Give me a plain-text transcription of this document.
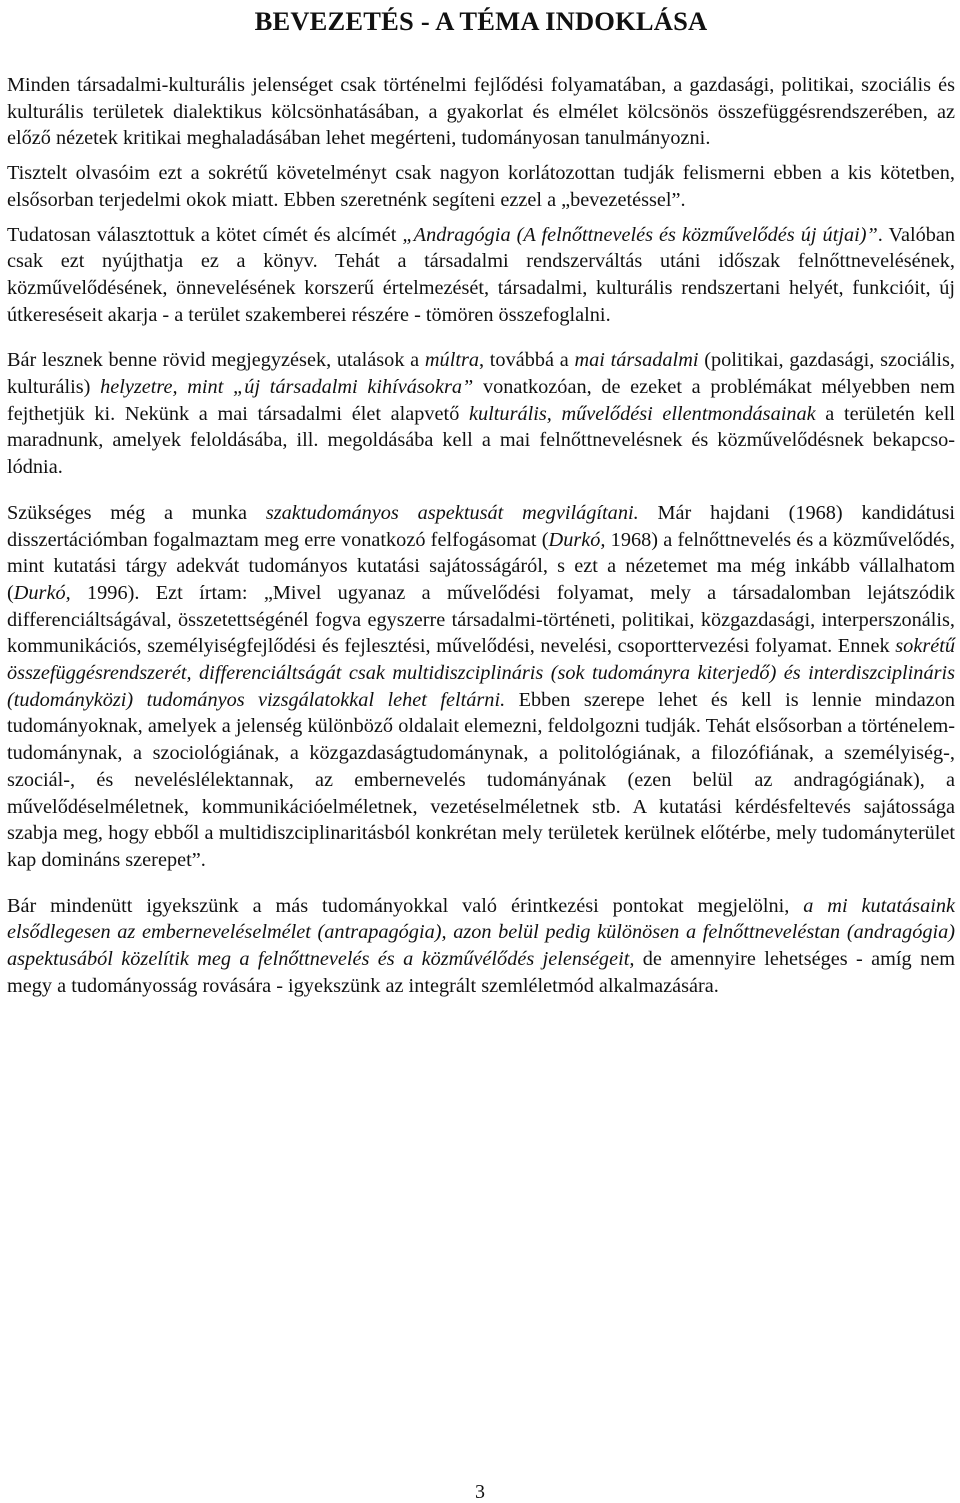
BEVEZETÉS - A TÉMA INDOKLÁSA

Minden társadalmi-kulturális jelenséget csak történelmi fejlődési folyamatában, a gazdasági, politikai, szociális és kulturális területek dialektikus kölcsönhatásában, a gyakorlat és elmélet kölcsönös összefüggésrendszerében, az előző nézetek kritikai meghaladásában lehet megérteni, tudományosan tanulmányozni.

Tisztelt olvasóim ezt a sokrétű követelményt csak nagyon korlátozottan tudják felismerni ebben a kis kötetben, elsősorban terjedelmi okok miatt. Ebben szeretnénk segíteni ezzel a „bevezetéssel”.

Tudatosan választottuk a kötet címét és alcímét „Andragógia (A felnőttnevelés és közművelődés új útjai)”. Valóban csak ezt nyújthatja ez a könyv. Tehát a társadalmi rendszerváltás utáni időszak felnőttnevelésének, közművelődésének, önnevelésének korszerű értelmezését, társadalmi, kulturális rendszertani helyét, funkcióit, új útkereséseit akarja - a terület szakemberei részére - tömören összefoglalni.

Bár lesznek benne rövid megjegyzések, utalások a múltra, továbbá a mai társadalmi (politikai, gazdasági, szociális, kulturális) helyzetre, mint „új társadalmi kihívásokra” vonatkozóan, de ezeket a problémákat mélyebben nem fejthetjük ki. Nekünk a mai társadalmi élet alapvető kulturális, művelődési ellentmondásainak a területén kell maradnunk, amelyek feloldásába, ill. megoldásába kell a mai felnőttnevelésnek és közművelődésnek bekapcsolódnia.

Szükséges még a munka szaktudományos aspektusát megvilágítani. Már hajdani (1968) kandidátusi disszertációmban fogalmaztam meg erre vonatkozó felfogásomat (Durkó, 1968) a felnőttnevelés és a közművelődés, mint kutatási tárgy adekvát tudományos kutatási sajátosságáról, s ezt a nézetemet ma még inkább vállalhatom (Durkó, 1996). Ezt írtam: „Mivel ugyanaz a művelődési folyamat, mely a társadalomban lejátszódik differenciáltságával, összetettségénél fogva egyszerre társadalmi-történeti, politikai, közgazdasági, interperszonális, kommunikációs, személyiségfejlődési és fejlesztési, művelődési, nevelési, csoporttervezési folyamat. Ennek sokrétű összefüggésrendszerét, differenciáltságát csak multidiszciplináris (sok tudományra kiterjedő) és interdiszciplináris (tudományközi) tudományos vizsgálatokkal lehet feltárni. Ebben szerepe lehet és kell is lennie mindazon tudományoknak, amelyek a jelenség különböző oldalait elemezni, feldolgozni tudják. Tehát elsősorban a történelemtudománynak, a szociológiának, a közgazdaságtudománynak, a politológiának, a filozófiának, a személyiség-, szociál-, és neveléslélektannak, az embernevelés tudományának (ezen belül az andragógiának), a művelődéselméletnek, kommunikációelméletnek, vezetéselméletnek stb. A kutatási kérdésfeltevés sajátossága szabja meg, hogy ebből a multidiszciplinaritásból konkrétan mely területek kerülnek előtérbe, mely tudományterület kap domináns szerepet”.

Bár mindenütt igyekszünk a más tudományokkal való érintkezési pontokat megjelölni, a mi kutatásaink elsődlegesen az emberneveléselmélet (antrapagógia), azon belül pedig különösen a felnőttneveléstan (andragógia) aspektusából közelítik meg a felnőttnevelés és a közművélődés jelenségeit, de amennyire lehetséges - amíg nem megy a tudományosság rovására - igyekszünk az integrált szemléletmód alkalmazására.

3
